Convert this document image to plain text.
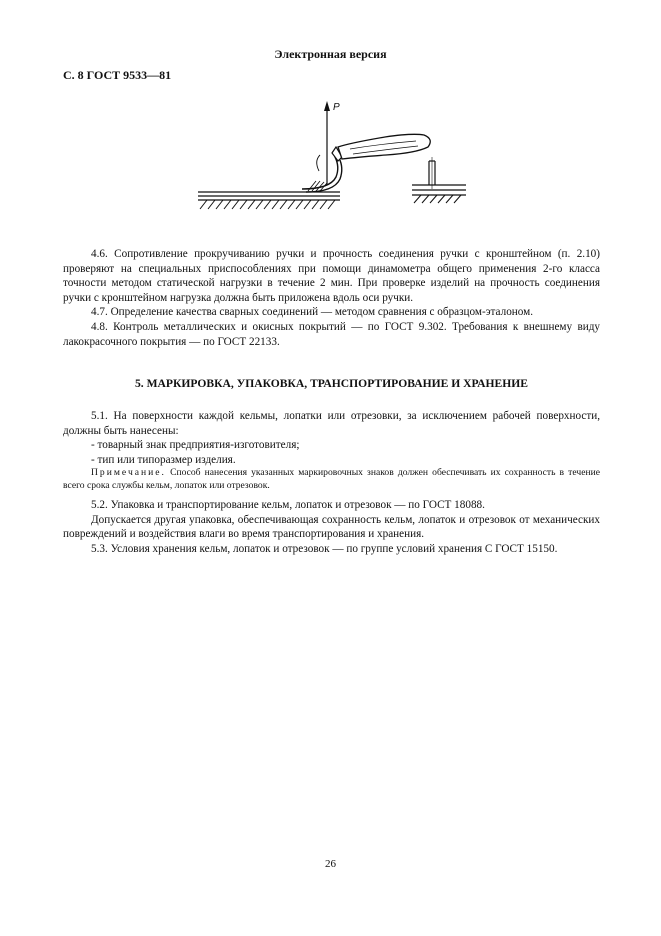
Электронная версия
С. 8 ГОСТ 9533—81
P

4.6. Сопротивление прокручиванию ручки и прочность соединения ручки с кронштейном (п. 2.10) проверяют на специальных приспособлениях при помощи динамометра общего применения 2-го класса точности методом статической нагрузки в течение 2 мин. При проверке изделий на прочность соединения ручки с кронштейном нагрузка должна быть приложена вдоль оси ручки.

4.7. Определение качества сварных соединений — методом сравнения с образцом-эталоном.

4.8. Контроль металлических и окисных покрытий — по ГОСТ 9.302. Требования к внешнему виду лакокрасочного покрытия — по ГОСТ 22133.

5. МАРКИРОВКА, УПАКОВКА, ТРАНСПОРТИРОВАНИЕ И ХРАНЕНИЕ

5.1. На поверхности каждой кельмы, лопатки или отрезовки, за исключением рабочей поверхности, должны быть нанесены:

- товарный знак предприятия-изготовителя;

- тип или типоразмер изделия.

Примечание. Способ нанесения указанных маркировочных знаков должен обеспечивать их сохранность в течение всего срока службы кельм, лопаток или отрезовок.

5.2. Упаковка и транспортирование кельм, лопаток и отрезовок — по ГОСТ 18088.

Допускается другая упаковка, обеспечивающая сохранность кельм, лопаток и отрезовок от механических повреждений и воздействия влаги во время транспортирования и хранения.

5.3. Условия хранения кельм, лопаток и отрезовок — по группе условий хранения С ГОСТ 15150.

26
